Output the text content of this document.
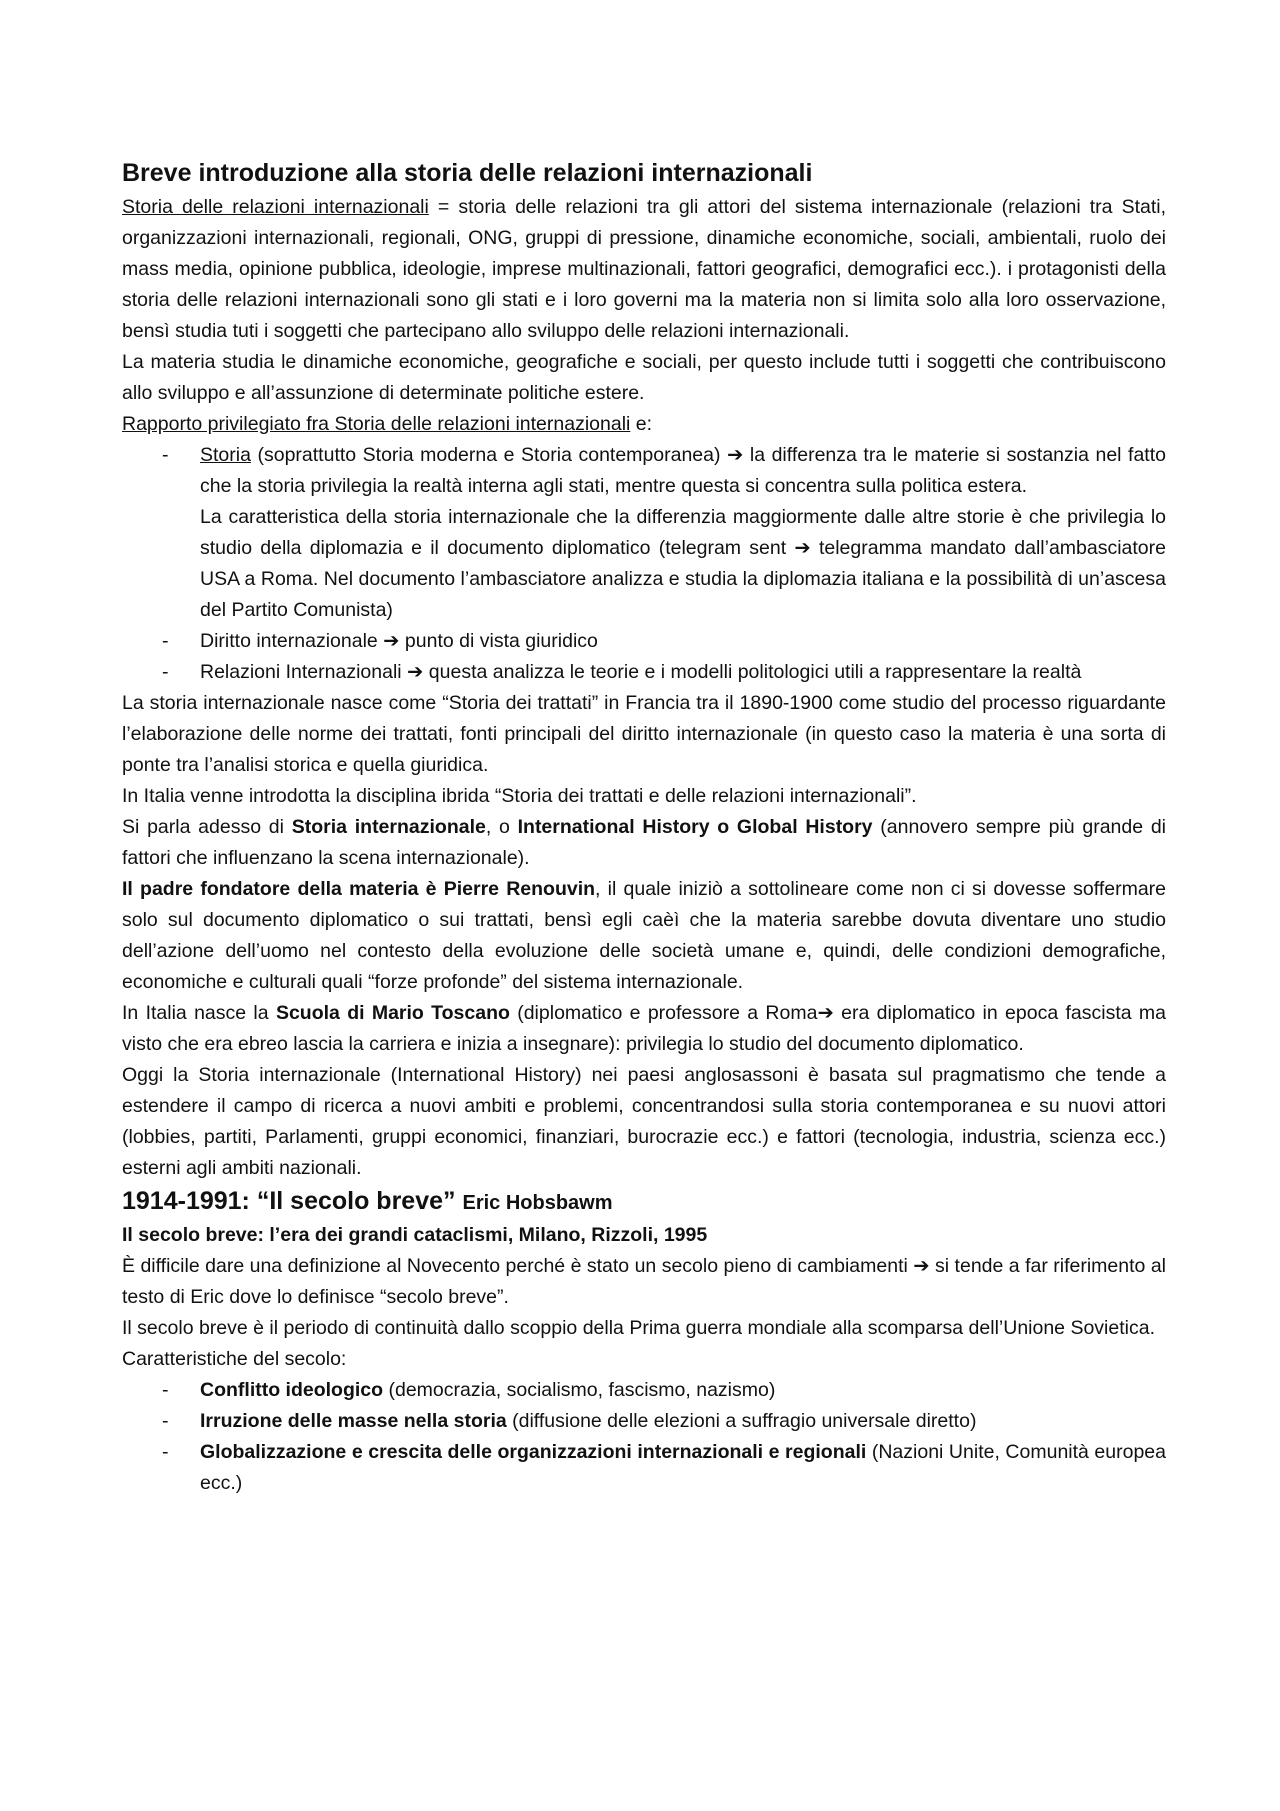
Breve introduzione alla storia delle relazioni internazionali

Storia delle relazioni internazionali = storia delle relazioni tra gli attori del sistema internazionale (relazioni tra Stati, organizzazioni internazionali, regionali, ONG, gruppi di pressione, dinamiche economiche, sociali, ambientali, ruolo dei mass media, opinione pubblica, ideologie, imprese multinazionali, fattori geografici, demografici ecc.). i protagonisti della storia delle relazioni internazionali sono gli stati e i loro governi ma la materia non si limita solo alla loro osservazione, bensì studia tuti i soggetti che partecipano allo sviluppo delle relazioni internazionali.

La materia studia le dinamiche economiche, geografiche e sociali, per questo include tutti i soggetti che contribuiscono allo sviluppo e all’assunzione di determinate politiche estere.

Rapporto privilegiato fra Storia delle relazioni internazionali e:

- Storia (soprattutto Storia moderna e Storia contemporanea) ➔ la differenza tra le materie si sostanzia nel fatto che la storia privilegia la realtà interna agli stati, mentre questa si concentra sulla politica estera.

La caratteristica della storia internazionale che la differenzia maggiormente dalle altre storie è che privilegia lo studio della diplomazia e il documento diplomatico (telegram sent ➔ telegramma mandato dall’ambasciatore USA a Roma. Nel documento l’ambasciatore analizza e studia la diplomazia italiana e la possibilità di un’ascesa del Partito Comunista)

- Diritto internazionale ➔ punto di vista giuridico
- Relazioni Internazionali ➔ questa analizza le teorie e i modelli politologici utili a rappresentare la realtà

La storia internazionale nasce come “Storia dei trattati” in Francia tra il 1890-1900 come studio del processo riguardante l’elaborazione delle norme dei trattati, fonti principali del diritto internazionale (in questo caso la materia è una sorta di ponte tra l’analisi storica e quella giuridica.

In Italia venne introdotta la disciplina ibrida “Storia dei trattati e delle relazioni internazionali”.

Si parla adesso di Storia internazionale, o International History o Global History (annovero sempre più grande di fattori che influenzano la scena internazionale).

Il padre fondatore della materia è Pierre Renouvin, il quale iniziò a sottolineare come non ci si dovesse soffermare solo sul documento diplomatico o sui trattati, bensì egli caèì che la materia sarebbe dovuta diventare uno studio dell’azione dell’uomo nel contesto della evoluzione delle società umane e, quindi, delle condizioni demografiche, economiche e culturali quali “forze profonde” del sistema internazionale.

In Italia nasce la Scuola di Mario Toscano (diplomatico e professore a Roma➔ era diplomatico in epoca fascista ma visto che era ebreo lascia la carriera e inizia a insegnare): privilegia lo studio del documento diplomatico.

Oggi la Storia internazionale (International History) nei paesi anglosassoni è basata sul pragmatismo che tende a estendere il campo di ricerca a nuovi ambiti e problemi, concentrandosi sulla storia contemporanea e su nuovi attori (lobbies, partiti, Parlamenti, gruppi economici, finanziari, burocrazie ecc.) e fattori (tecnologia, industria, scienza ecc.) esterni agli ambiti nazionali.

1914-1991: “Il secolo breve” Eric Hobsbawm

Il secolo breve: l’era dei grandi cataclismi, Milano, Rizzoli, 1995

È difficile dare una definizione al Novecento perché è stato un secolo pieno di cambiamenti ➔ si tende a far riferimento al testo di Eric dove lo definisce “secolo breve”.

Il secolo breve è il periodo di continuità dallo scoppio della Prima guerra mondiale alla scomparsa dell’Unione Sovietica.

Caratteristiche del secolo:

- Conflitto ideologico (democrazia, socialismo, fascismo, nazismo)
- Irruzione delle masse nella storia (diffusione delle elezioni a suffragio universale diretto)
- Globalizzazione e crescita delle organizzazioni internazionali e regionali (Nazioni Unite, Comunità europea ecc.)
